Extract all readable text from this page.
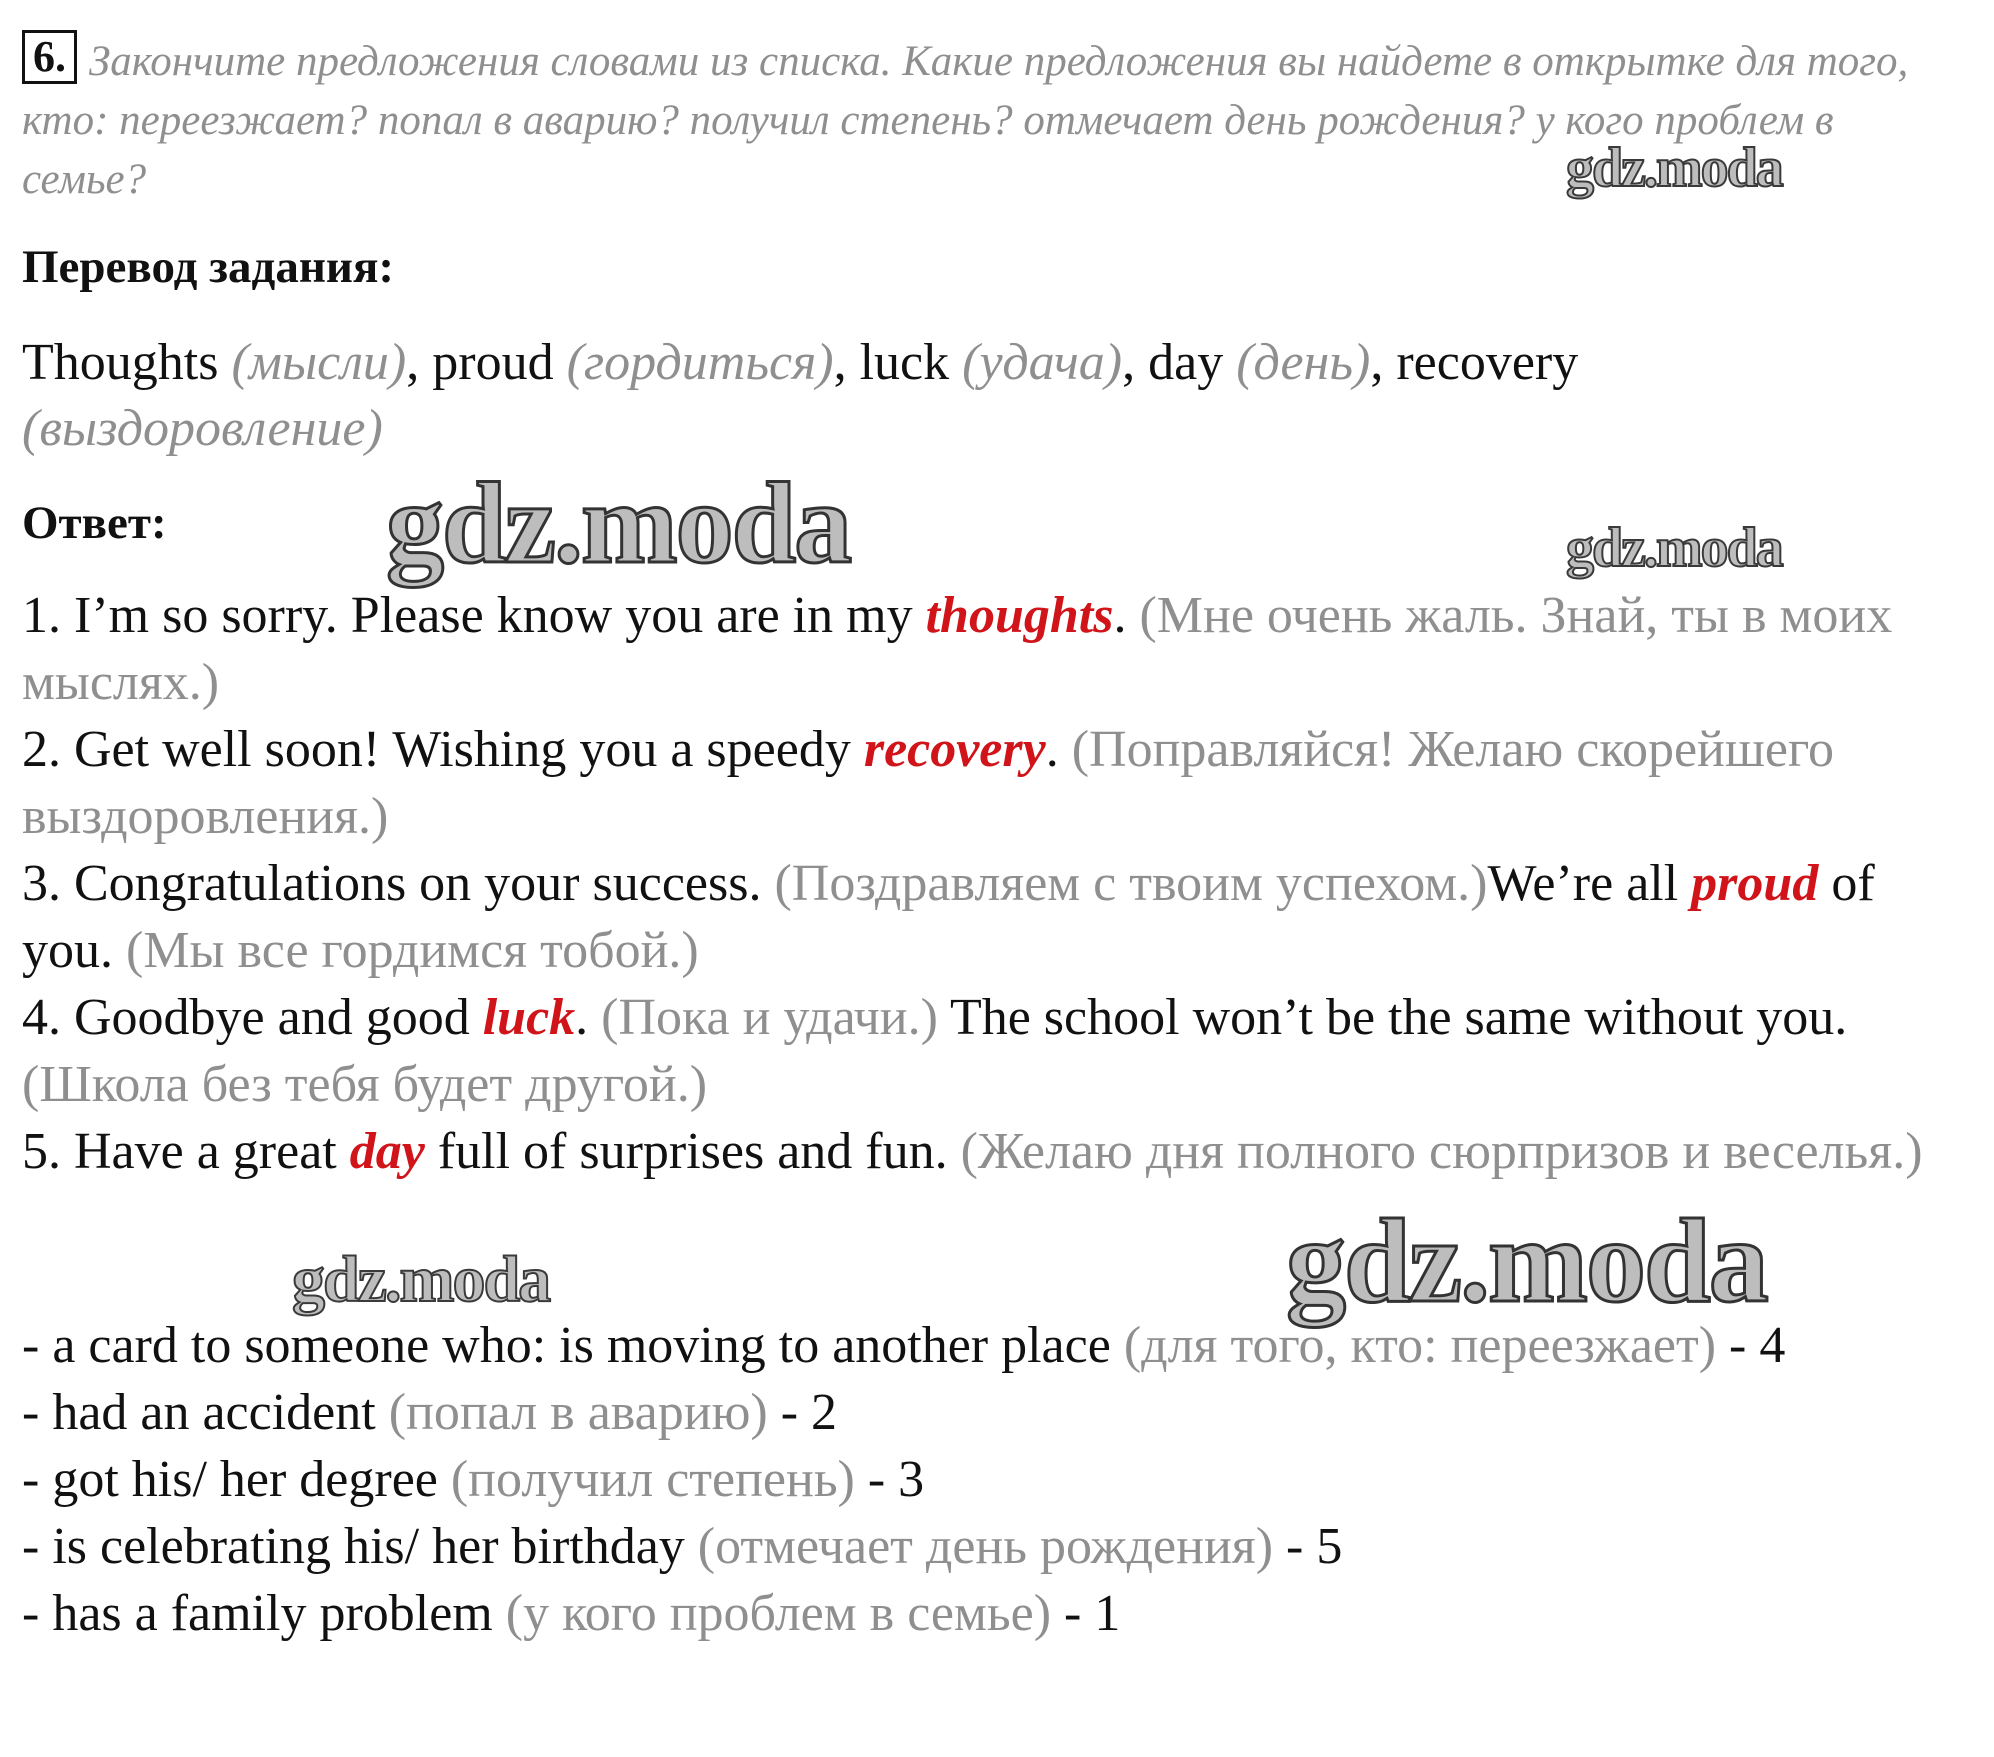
6. Закончите предложения словами из списка. Какие предложения вы найдете в открытке для того, кто: переезжает? попал в аварию? получил степень? отмечает день рождения? у кого проблем в семье?
Перевод задания:
Thoughts (мысли), proud (гордиться), luck (удача), day (день), recovery (выздоровление)
Ответ:
1. I’m so sorry. Please know you are in my thoughts. (Мне очень жаль. Знай, ты в моих мыслях.)
2. Get well soon! Wishing you a speedy recovery. (Поправляйся! Желаю скорейшего выздоровления.)
3. Congratulations on your success. (Поздравляем с твоим успехом.)We’re all proud of you. (Мы все гордимся тобой.)
4. Goodbye and good luck. (Пока и удачи.) The school won’t be the same without you. (Школа без тебя будет другой.)
5. Have a great day full of surprises and fun. (Желаю дня полного сюрпризов и веселья.)
- a card to someone who: is moving to another place (для того, кто: переезжает) - 4
- had an accident (попал в аварию) - 2
- got his/ her degree (получил степень) - 3
- is celebrating his/ her birthday (отмечает день рождения) - 5
- has a family problem (у кого проблем в семье) - 1
gdz.moda
gdz.moda	gdz.moda
gdz.moda	gdz.moda
